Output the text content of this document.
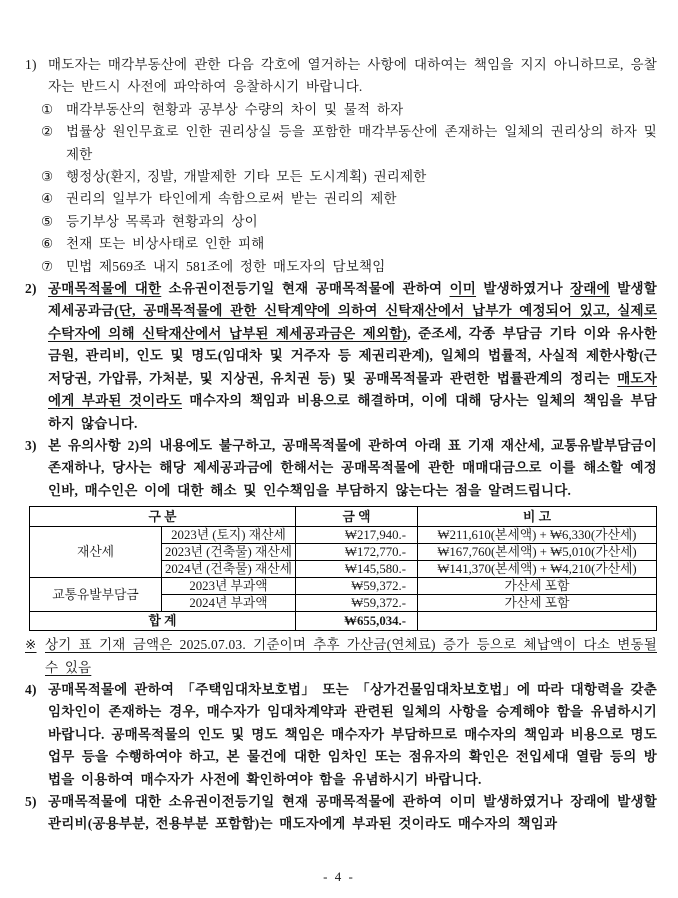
1) 매도자는 매각부동산에 관한 다음 각호에 열거하는 사항에 대하여는 책임을 지지 아니하므로, 응찰자는 반드시 사전에 파악하여 응찰하시기 바랍니다.
① 매각부동산의 현황과 공부상 수량의 차이 및 물적 하자
② 법률상 원인무효로 인한 권리상실 등을 포함한 매각부동산에 존재하는 일체의 권리상의 하자 및 제한
③ 행정상(환지, 징발, 개발제한 기타 모든 도시계획) 권리제한
④ 권리의 일부가 타인에게 속함으로써 받는 권리의 제한
⑤ 등기부상 목록과 현황과의 상이
⑥ 천재 또는 비상사태로 인한 피해
⑦ 민법 제569조 내지 581조에 정한 매도자의 담보책임
2) 공매목적물에 대한 소유권이전등기일 현재 공매목적물에 관하여 이미 발생하였거나 장래에 발생할 제세공과금(단, 공매목적물에 관한 신탁계약에 의하여 신탁재산에서 납부가 예정되어 있고, 실제로 수탁자에 의해 신탁재산에서 납부된 제세공과금은 제외함), 준조세, 각종 부담금 기타 이와 유사한 금원, 관리비, 인도 및 명도(임대차 및 거주자 등 제권리관계), 일체의 법률적, 사실적 제한사항(근저당권, 가압류, 가처분, 및 지상권, 유치권 등) 및 공매목적물과 관련한 법률관계의 정리는 매도자에게 부과된 것이라도 매수자의 책임과 비용으로 해결하며, 이에 대해 당사는 일체의 책임을 부담하지 않습니다.
3) 본 유의사항 2)의 내용에도 불구하고, 공매목적물에 관하여 아래 표 기재 재산세, 교통유발부담금이 존재하나, 당사는 해당 제세공과금에 한해서는 공매목적물에 관한 매매대금으로 이를 해소할 예정인바, 매수인은 이에 대한 해소 및 인수책임을 부담하지 않는다는 점을 알려드립니다.
구 분		금 액	비 고
재산세	2023년 (토지) 재산세	₩217,940.-	₩211,610(본세액) + ₩6,330(가산세)
	2023년 (건축물) 재산세	₩172,770.-	₩167,760(본세액) + ₩5,010(가산세)
	2024년 (건축물) 재산세	₩145,580.-	₩141,370(본세액) + ₩4,210(가산세)
교통유발부담금	2023년 부과액	₩59,372.-	가산세 포함
	2024년 부과액	₩59,372.-	가산세 포함
합 계		₩655,034.-	
※ 상기 표 기재 금액은 2025.07.03. 기준이며 추후 가산금(연체료) 증가 등으로 체납액이 다소 변동될 수 있음
4) 공매목적물에 관하여 「주택임대차보호법」 또는 「상가건물임대차보호법」에 따라 대항력을 갖춘 임차인이 존재하는 경우, 매수자가 임대차계약과 관련된 일체의 사항을 승계해야 함을 유념하시기 바랍니다. 공매목적물의 인도 및 명도 책임은 매수자가 부담하므로 매수자의 책임과 비용으로 명도업무 등을 수행하여야 하고, 본 물건에 대한 임차인 또는 점유자의 확인은 전입세대 열람 등의 방법을 이용하여 매수자가 사전에 확인하여야 함을 유념하시기 바랍니다.
5) 공매목적물에 대한 소유권이전등기일 현재 공매목적물에 관하여 이미 발생하였거나 장래에 발생할 관리비(공용부분, 전용부분 포함함)는 매도자에게 부과된 것이라도 매수자의 책임과
- 4 -
